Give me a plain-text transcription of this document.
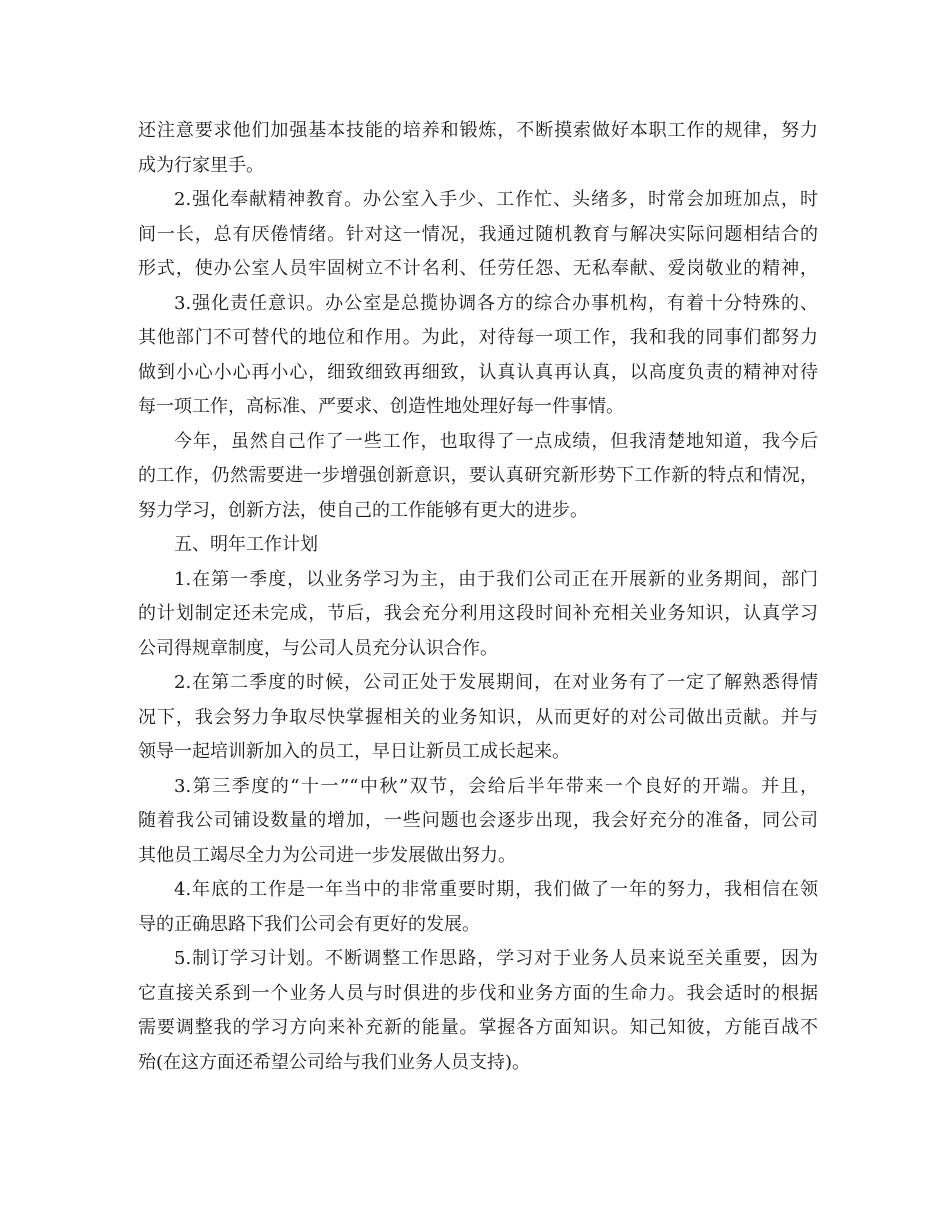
还注意要求他们加强基本技能的培养和锻炼，不断摸索做好本职工作的规律，努力
成为行家里手。
2.强化奉献精神教育。办公室入手少、工作忙、头绪多，时常会加班加点，时
间一长，总有厌倦情绪。针对这一情况，我通过随机教育与解决实际问题相结合的
形式，使办公室人员牢固树立不计名利、任劳任怨、无私奉献、爱岗敬业的精神，
3.强化责任意识。办公室是总揽协调各方的综合办事机构，有着十分特殊的、
其他部门不可替代的地位和作用。为此，对待每一项工作，我和我的同事们都努力
做到小心小心再小心，细致细致再细致，认真认真再认真，以高度负责的精神对待
每一项工作，高标准、严要求、创造性地处理好每一件事情。
今年，虽然自己作了一些工作，也取得了一点成绩，但我清楚地知道，我今后
的工作，仍然需要进一步增强创新意识，要认真研究新形势下工作新的特点和情况，
努力学习，创新方法，使自己的工作能够有更大的进步。
五、明年工作计划
1.在第一季度，以业务学习为主，由于我们公司正在开展新的业务期间，部门
的计划制定还未完成，节后，我会充分利用这段时间补充相关业务知识，认真学习
公司得规章制度，与公司人员充分认识合作。
2.在第二季度的时候，公司正处于发展期间，在对业务有了一定了解熟悉得情
况下，我会努力争取尽快掌握相关的业务知识，从而更好的对公司做出贡献。并与
领导一起培训新加入的员工，早日让新员工成长起来。
3.第三季度的“十一”“中秋”双节，会给后半年带来一个良好的开端。并且，
随着我公司铺设数量的增加，一些问题也会逐步出现，我会好充分的准备，同公司
其他员工竭尽全力为公司进一步发展做出努力。
4.年底的工作是一年当中的非常重要时期，我们做了一年的努力，我相信在领
导的正确思路下我们公司会有更好的发展。
5.制订学习计划。不断调整工作思路，学习对于业务人员来说至关重要，因为
它直接关系到一个业务人员与时俱进的步伐和业务方面的生命力。我会适时的根据
需要调整我的学习方向来补充新的能量。掌握各方面知识。知己知彼，方能百战不
殆(在这方面还希望公司给与我们业务人员支持)。
